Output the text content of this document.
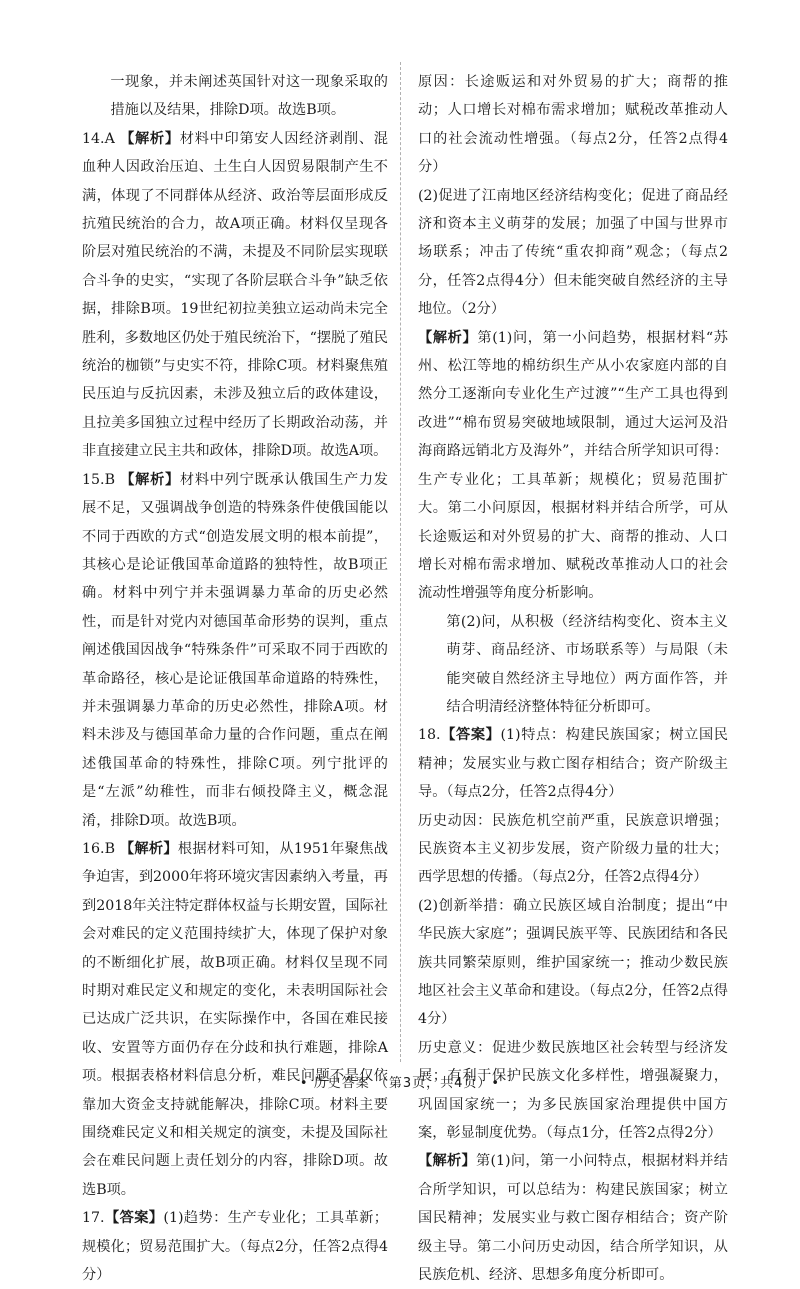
一现象，并未阐述英国针对这一现象采取的措施以及结果，排除D项。故选B项。

14.A 【解析】材料中印第安人因经济剥削、混血种人因政治压迫、土生白人因贸易限制产生不满，体现了不同群体从经济、政治等层面形成反抗殖民统治的合力，故A项正确。材料仅呈现各阶层对殖民统治的不满，未提及不同阶层实现联合斗争的史实，“实现了各阶层联合斗争”缺乏依据，排除B项。19世纪初拉美独立运动尚未完全胜利，多数地区仍处于殖民统治下，“摆脱了殖民统治的枷锁”与史实不符，排除C项。材料聚焦殖民压迫与反抗因素，未涉及独立后的政体建设，且拉美多国独立过程中经历了长期政治动荡，并非直接建立民主共和政体，排除D项。故选A项。

15.B 【解析】材料中列宁既承认俄国生产力发展不足，又强调战争创造的特殊条件使俄国能以不同于西欧的方式“创造发展文明的根本前提”，其核心是论证俄国革命道路的独特性，故B项正确。材料中列宁并未强调暴力革命的历史必然性，而是针对党内对德国革命形势的误判，重点阐述俄国因战争“特殊条件”可采取不同于西欧的革命路径，核心是论证俄国革命道路的特殊性，并未强调暴力革命的历史必然性，排除A项。材料未涉及与德国革命力量的合作问题，重点在阐述俄国革命的特殊性，排除C项。列宁批评的是“左派”幼稚性，而非右倾投降主义，概念混淆，排除D项。故选B项。

16.B 【解析】根据材料可知，从1951年聚焦战争迫害，到2000年将环境灾害因素纳入考量，再到2018年关注特定群体权益与长期安置，国际社会对难民的定义范围持续扩大，体现了保护对象的不断细化扩展，故B项正确。材料仅呈现不同时期对难民定义和规定的变化，未表明国际社会已达成广泛共识，在实际操作中，各国在难民接收、安置等方面仍存在分歧和执行难题，排除A项。根据表格材料信息分析，难民问题不是仅依靠加大资金支持就能解决，排除C项。材料主要围绕难民定义和相关规定的演变，未提及国际社会在难民问题上责任划分的内容，排除D项。故选B项。

17.【答案】(1)趋势：生产专业化；工具革新；规模化；贸易范围扩大。（每点2分，任答2点得4分）

原因：长途贩运和对外贸易的扩大；商帮的推动；人口增长对棉布需求增加；赋税改革推动人口的社会流动性增强。（每点2分，任答2点得4分）

(2)促进了江南地区经济结构变化；促进了商品经济和资本主义萌芽的发展；加强了中国与世界市场联系；冲击了传统“重农抑商”观念；（每点2分，任答2点得4分）但未能突破自然经济的主导地位。（2分）

【解析】第(1)问，第一小问趋势，根据材料“苏州、松江等地的棉纺织生产从小农家庭内部的自然分工逐渐向专业化生产过渡”“生产工具也得到改进”“棉布贸易突破地域限制，通过大运河及沿海商路远销北方及海外”，并结合所学知识可得：生产专业化；工具革新；规模化；贸易范围扩大。第二小问原因，根据材料并结合所学，可从长途贩运和对外贸易的扩大、商帮的推动、人口增长对棉布需求增加、赋税改革推动人口的社会流动性增强等角度分析影响。

第(2)问，从积极（经济结构变化、资本主义萌芽、商品经济、市场联系等）与局限（未能突破自然经济主导地位）两方面作答，并结合明清经济整体特征分析即可。

18.【答案】(1)特点：构建民族国家；树立国民精神；发展实业与救亡图存相结合；资产阶级主导。（每点2分，任答2点得4分）

历史动因：民族危机空前严重，民族意识增强；民族资本主义初步发展，资产阶级力量的壮大；西学思想的传播。（每点2分，任答2点得4分）

(2)创新举措：确立民族区域自治制度；提出“中华民族大家庭”；强调民族平等、民族团结和各民族共同繁荣原则，维护国家统一；推动少数民族地区社会主义革命和建设。（每点2分，任答2点得4分）

历史意义：促进少数民族地区社会转型与经济发展；有利于保护民族文化多样性，增强凝聚力，巩固国家统一；为多民族国家治理提供中国方案，彰显制度优势。（每点1分，任答2点得2分）

【解析】第(1)问，第一小问特点，根据材料并结合所学知识，可以总结为：构建民族国家；树立国民精神；发展实业与救亡图存相结合；资产阶级主导。第二小问历史动因，结合所学知识，从民族危机、经济、思想多角度分析即可。

• 历史答案 （第3页，共4页）•
